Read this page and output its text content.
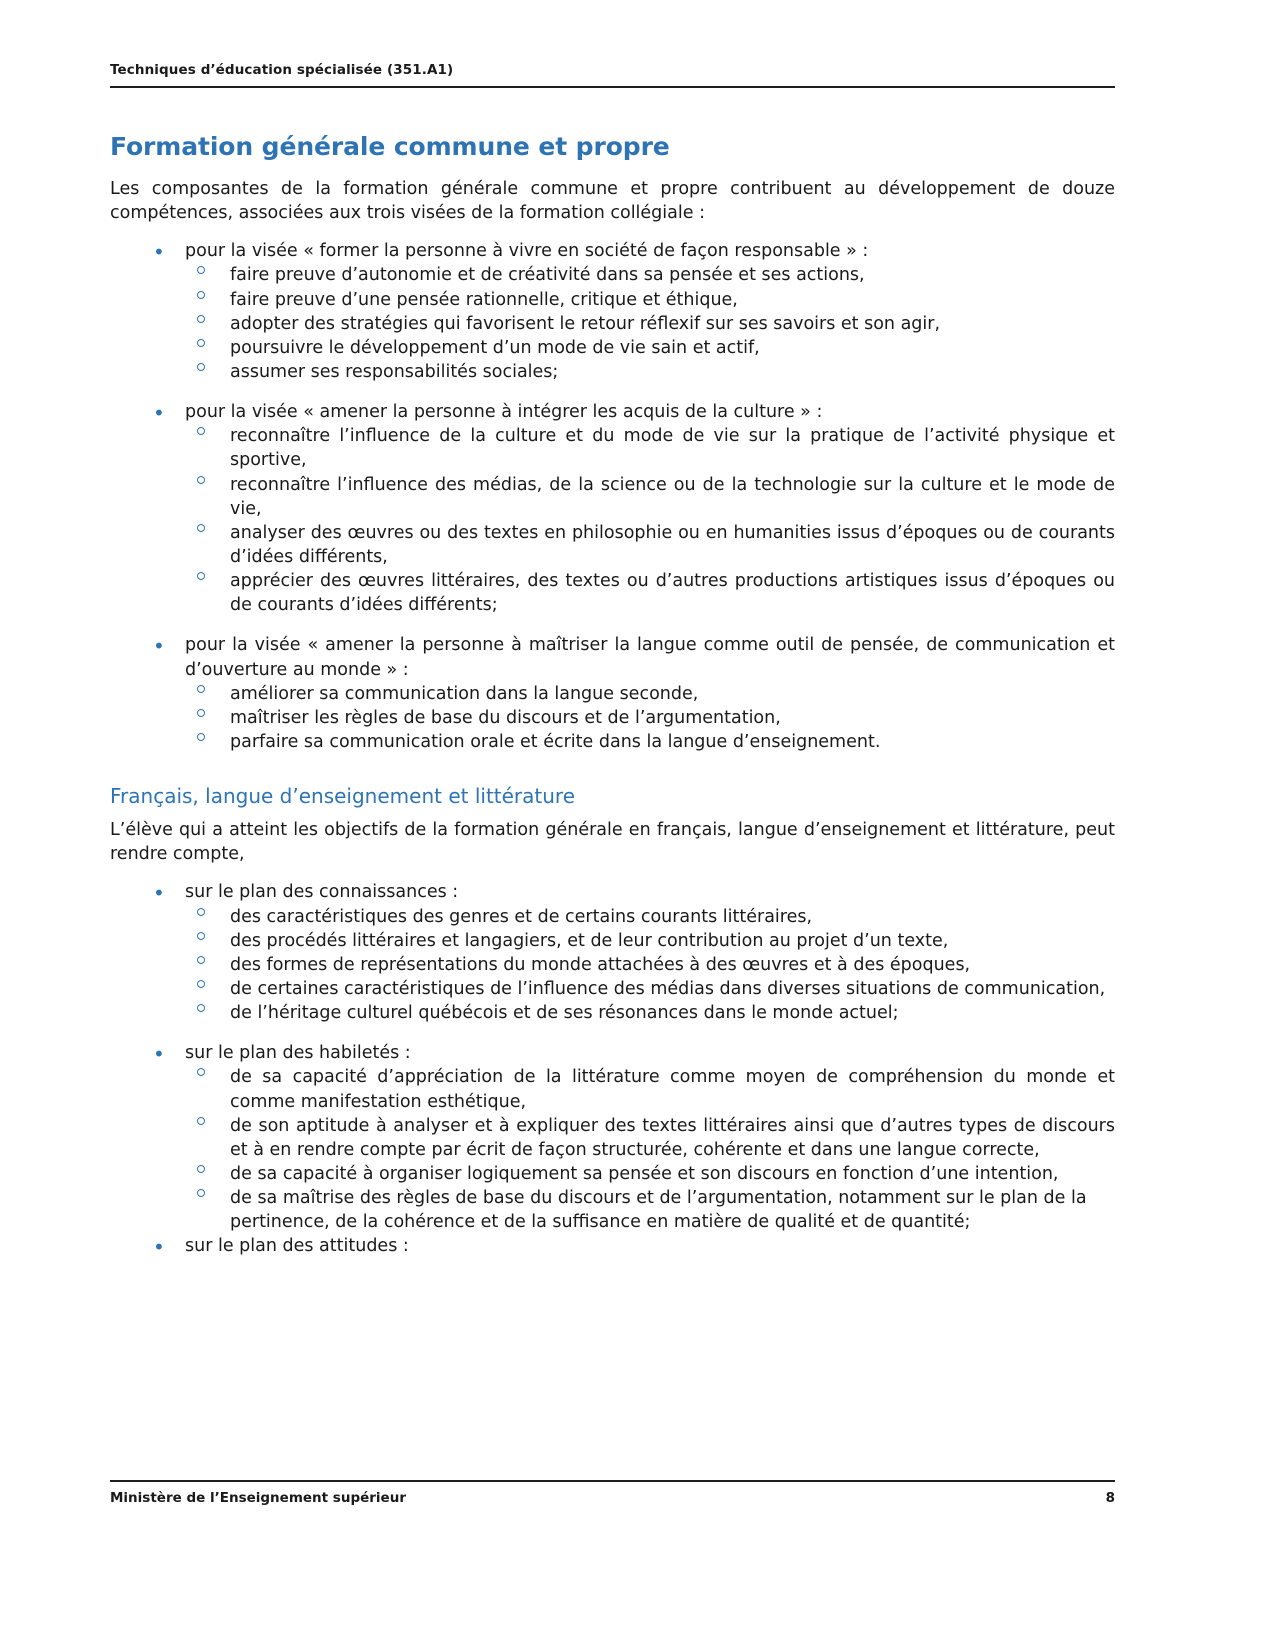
Techniques d’éducation spécialisée (351.A1)
Formation générale commune et propre

Les composantes de la formation générale commune et propre contribuent au développement de douze compétences, associées aux trois visées de la formation collégiale :

• pour la visée « former la personne à vivre en société de façon responsable » :
faire preuve d’autonomie et de créativité dans sa pensée et ses actions,
faire preuve d’une pensée rationnelle, critique et éthique,
adopter des stratégies qui favorisent le retour réflexif sur ses savoirs et son agir,
poursuivre le développement d’un mode de vie sain et actif,
assumer ses responsabilités sociales;
• pour la visée « amener la personne à intégrer les acquis de la culture » :
reconnaître l’influence de la culture et du mode de vie sur la pratique de l’activité physique et sportive,
reconnaître l’influence des médias, de la science ou de la technologie sur la culture et le mode de vie,
analyser des œuvres ou des textes en philosophie ou en humanities issus d’époques ou de courants d’idées différents,
apprécier des œuvres littéraires, des textes ou d’autres productions artistiques issus d’époques ou de courants d’idées différents;
• pour la visée « amener la personne à maîtriser la langue comme outil de pensée, de communication et d’ouverture au monde » :
améliorer sa communication dans la langue seconde,
maîtriser les règles de base du discours et de l’argumentation,
parfaire sa communication orale et écrite dans la langue d’enseignement.
Français, langue d’enseignement et littérature

L’élève qui a atteint les objectifs de la formation générale en français, langue d’enseignement et littérature, peut rendre compte,

• sur le plan des connaissances :
des caractéristiques des genres et de certains courants littéraires,
des procédés littéraires et langagiers, et de leur contribution au projet d’un texte,
des formes de représentations du monde attachées à des œuvres et à des époques,
de certaines caractéristiques de l’influence des médias dans diverses situations de communication,
de l’héritage culturel québécois et de ses résonances dans le monde actuel;
• sur le plan des habiletés :
de sa capacité d’appréciation de la littérature comme moyen de compréhension du monde et comme manifestation esthétique,
de son aptitude à analyser et à expliquer des textes littéraires ainsi que d’autres types de discours et à en rendre compte par écrit de façon structurée, cohérente et dans une langue correcte,
de sa capacité à organiser logiquement sa pensée et son discours en fonction d’une intention,
de sa maîtrise des règles de base du discours et de l’argumentation, notamment sur le plan de la pertinence, de la cohérence et de la suffisance en matière de qualité et de quantité;
• sur le plan des attitudes :
Ministère de l’Enseignement supérieur	8
